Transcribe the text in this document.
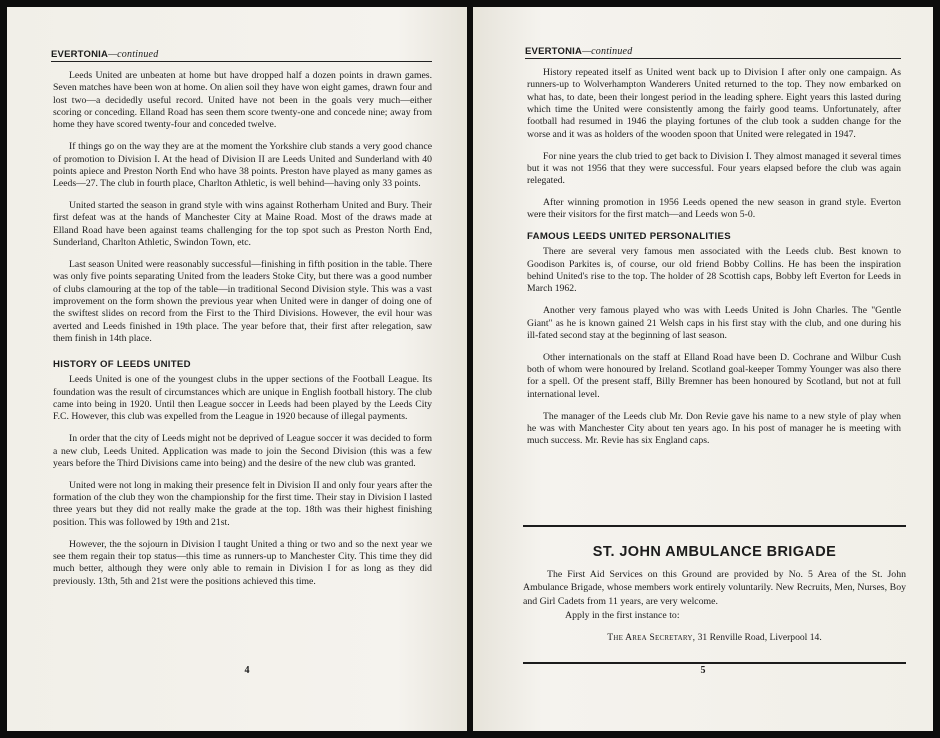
EVERTONIA—continued

Leeds United are unbeaten at home but have dropped half a dozen points in drawn games. Seven matches have been won at home. On alien soil they have won eight games, drawn four and lost two—a decidedly useful record. United have not been in the goals very much—either scoring or conceding. Elland Road has seen them score twenty-one and concede nine; away from home they have scored twenty-four and conceded twelve.

If things go on the way they are at the moment the Yorkshire club stands a very good chance of promotion to Division I. At the head of Division II are Leeds United and Sunderland with 40 points apiece and Preston North End who have 38 points. Preston have played as many games as Leeds—27. The club in fourth place, Charlton Athletic, is well behind—having only 33 points.

United started the season in grand style with wins against Rotherham United and Bury. Their first defeat was at the hands of Manchester City at Maine Road. Most of the draws made at Elland Road have been against teams challenging for the top spot such as Preston North End, Sunderland, Charlton Athletic, Swindon Town, etc.

Last season United were reasonably successful—finishing in fifth position in the table. There was only five points separating United from the leaders Stoke City, but there was a good number of clubs clamouring at the top of the table—in traditional Second Division style. This was a vast improvement on the form shown the previous year when United were in danger of doing one of the swiftest slides on record from the First to the Third Divisions. However, the evil hour was averted and Leeds finished in 19th place. The year before that, their first after relegation, saw them finish in 14th place.

HISTORY OF LEEDS UNITED

Leeds United is one of the youngest clubs in the upper sections of the Football League. Its foundation was the result of circumstances which are unique in English football history. The club came into being in 1920. Until then League soccer in Leeds had been played by the Leeds City F.C. However, this club was expelled from the League in 1920 because of illegal payments.

In order that the city of Leeds might not be deprived of League soccer it was decided to form a new club, Leeds United. Application was made to join the Second Division (this was a few years before the Third Divisions came into being) and the desire of the new club was granted.

United were not long in making their presence felt in Division II and only four years after the formation of the club they won the championship for the first time. Their stay in Division I lasted three years but they did not really make the grade at the top. 18th was their highest finishing position. This was followed by 19th and 21st.

However, the the sojourn in Division I taught United a thing or two and so the next year we see them regain their top status—this time as runners-up to Manchester City. This time they did much better, although they were only able to remain in Division I for as long as they did previously. 13th, 5th and 21st were the positions achieved this time.

4
EVERTONIA—continued

History repeated itself as United went back up to Division I after only one campaign. As runners-up to Wolverhampton Wanderers United returned to the top. They now embarked on what has, to date, been their longest period in the leading sphere. Eight years this lasted during which time the United were consistently among the fairly good teams. Unfortunately, after football had resumed in 1946 the playing fortunes of the club took a sudden change for the worse and it was as holders of the wooden spoon that United were relegated in 1947.

For nine years the club tried to get back to Division I. They almost managed it several times but it was not 1956 that they were successful. Four years elapsed before the club was again relegated.

After winning promotion in 1956 Leeds opened the new season in grand style. Everton were their visitors for the first match—and Leeds won 5-0.

FAMOUS LEEDS UNITED PERSONALITIES

There are several very famous men associated with the Leeds club. Best known to Goodison Parkites is, of course, our old friend Bobby Collins. He has been the inspiration behind United's rise to the top. The holder of 28 Scottish caps, Bobby left Everton for Leeds in March 1962.

Another very famous played who was with Leeds United is John Charles. The "Gentle Giant" as he is known gained 21 Welsh caps in his first stay with the club, and one during his ill-fated second stay at the beginning of last season.

Other internationals on the staff at Elland Road have been D. Cochrane and Wilbur Cush both of whom were honoured by Ireland. Scotland goal-keeper Tommy Younger was also there for a spell. Of the present staff, Billy Bremner has been honoured by Scotland, but not at full international level.

The manager of the Leeds club Mr. Don Revie gave his name to a new style of play when he was with Manchester City about ten years ago. In his post of manager he is meeting with much success. Mr. Revie has six England caps.

ST. JOHN AMBULANCE BRIGADE

The First Aid Services on this Ground are provided by No. 5 Area of the St. John Ambulance Brigade, whose members work entirely voluntarily. New Recruits, Men, Nurses, Boy and Girl Cadets from 11 years, are very welcome.

Apply in the first instance to:

The Area Secretary, 31 Renville Road, Liverpool 14.

5
